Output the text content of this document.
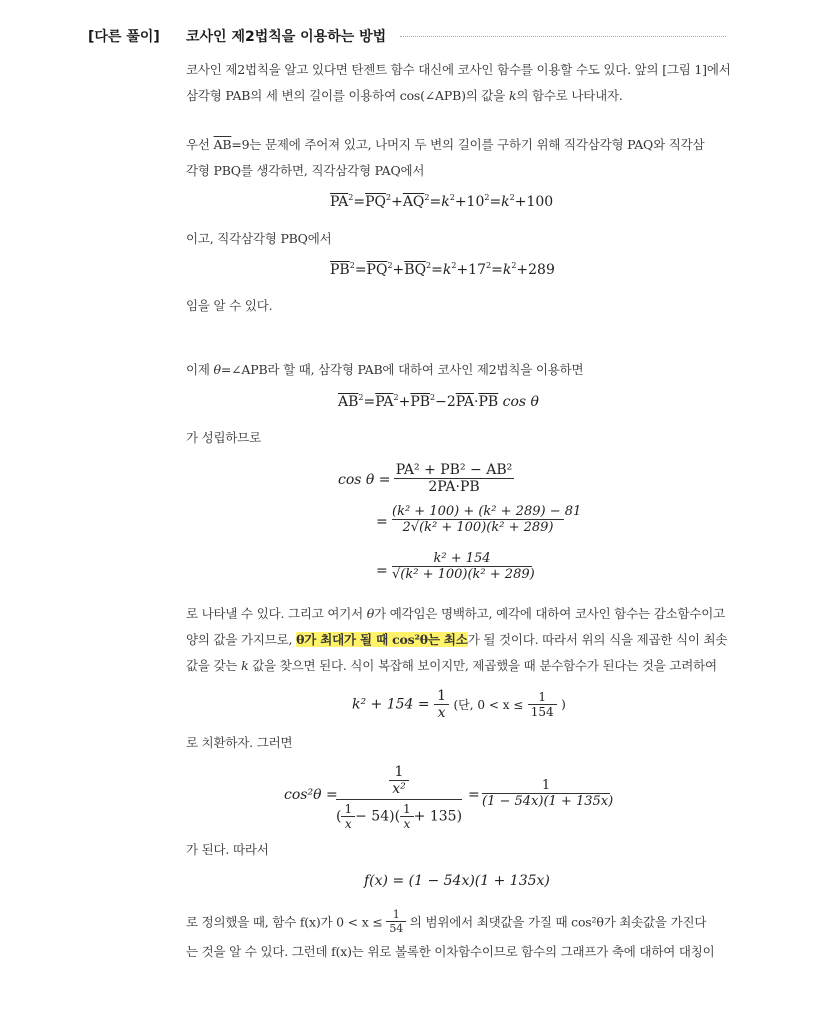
[다른 풀이] 코사인 제2법칙을 이용하는 방법
코사인 제2법칙을 알고 있다면 탄젠트 함수 대신에 코사인 함수를 이용할 수도 있다. 앞의 [그림 1]에서
삼각형 PAB의 세 변의 길이를 이용하여 cos(∠APB)의 값을 k의 함수로 나타내자.
우선 $\overline{AB}=9$는 문제에 주어져 있고, 나머지 두 변의 길이를 구하기 위해 직각삼각형 PAQ와 직각삼
각형 PBQ를 생각하면, 직각삼각형 PAQ에서
$\overline{PA}^2=\overline{PQ}^2+\overline{AQ}^2=k^2+10^2=k^2+100$
이고, 직각삼각형 PBQ에서
$\overline{PB}^2=\overline{PQ}^2+\overline{BQ}^2=k^2+17^2=k^2+289$
임을 알 수 있다.
이제 θ=∠APB라 할 때, 삼각형 PAB에 대하여 코사인 제2법칙을 이용하면
$\overline{AB}^2=\overline{PA}^2+\overline{PB}^2-2\overline{PA}\cdot\overline{PB}$ cos θ
가 성립하므로
cos θ =
PA² + PB² − AB²
2PA·PB
=
(k² + 100) + (k² + 289) − 81
2√(k² + 100)(k² + 289)
=
k² + 154
√(k² + 100)(k² + 289)
로 나타낼 수 있다. 그리고 여기서 θ가 예각임은 명백하고, 예각에 대하여 코사인 함수는 감소함수이고
양의 값을 가지므로, θ가 최대가 될 때 cos²θ는 최소가 될 것이다. 따라서 위의 식을 제곱한 식이 최솟
값을 갖는 k 값을 찾으면 된다. 식이 복잡해 보이지만, 제곱했을 때 분수함수가 된다는 것을 고려하여
$k^2 + 154 = \frac{1}{x}$ (단, $0 < x \le \frac{1}{154}$ )
로 치환하자. 그러면
cos²θ =	$\frac{1}{\text{x²}}$
( $\frac{1}{x} - 54)( \frac{1}{x} + 135)$
=
1
(1 − 54x)(1 + 135x)
가 된다. 따라서
f(x) = (1 − 54x)(1 + 135x)
로 정의했을 때, 함수 f(x)가 $0 < x \le \frac{1}{54}$ 의 범위에서 최댓값을 가질 때 cos²θ가 최솟값을 가진다
는 것을 알 수 있다. 그런데 f(x)는 위로 볼록한 이차함수이므로 함수의 그래프가 축에 대하여 대칭이
